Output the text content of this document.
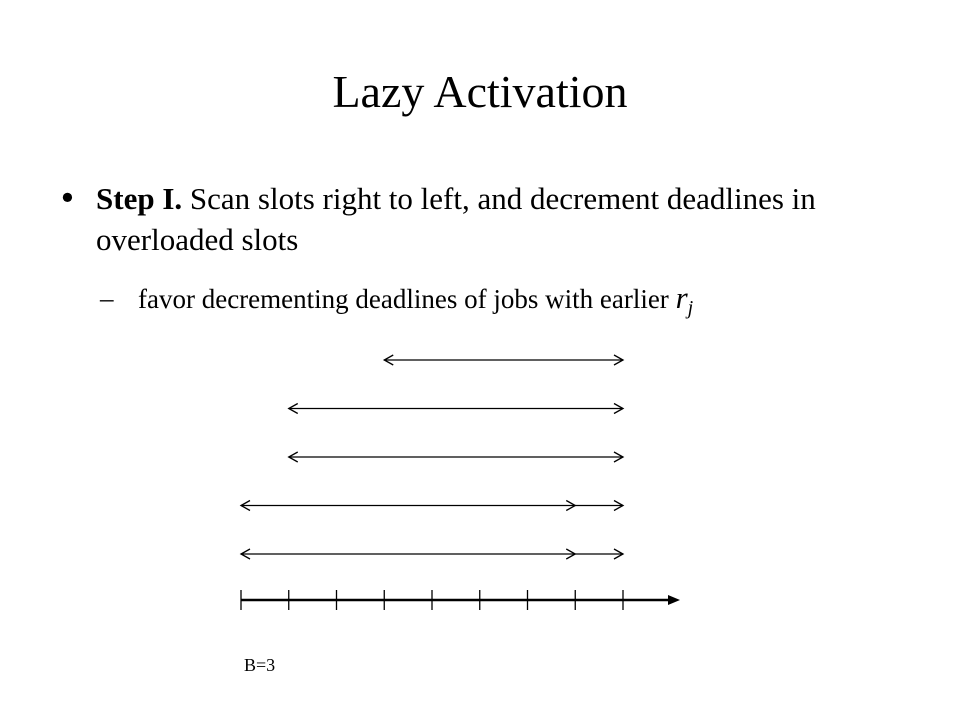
Lazy Activation
• Step I. Scan slots right to left, and decrement deadlines in overloaded slots
– favor decrementing deadlines of jobs with earlier $r_j$
B=3
